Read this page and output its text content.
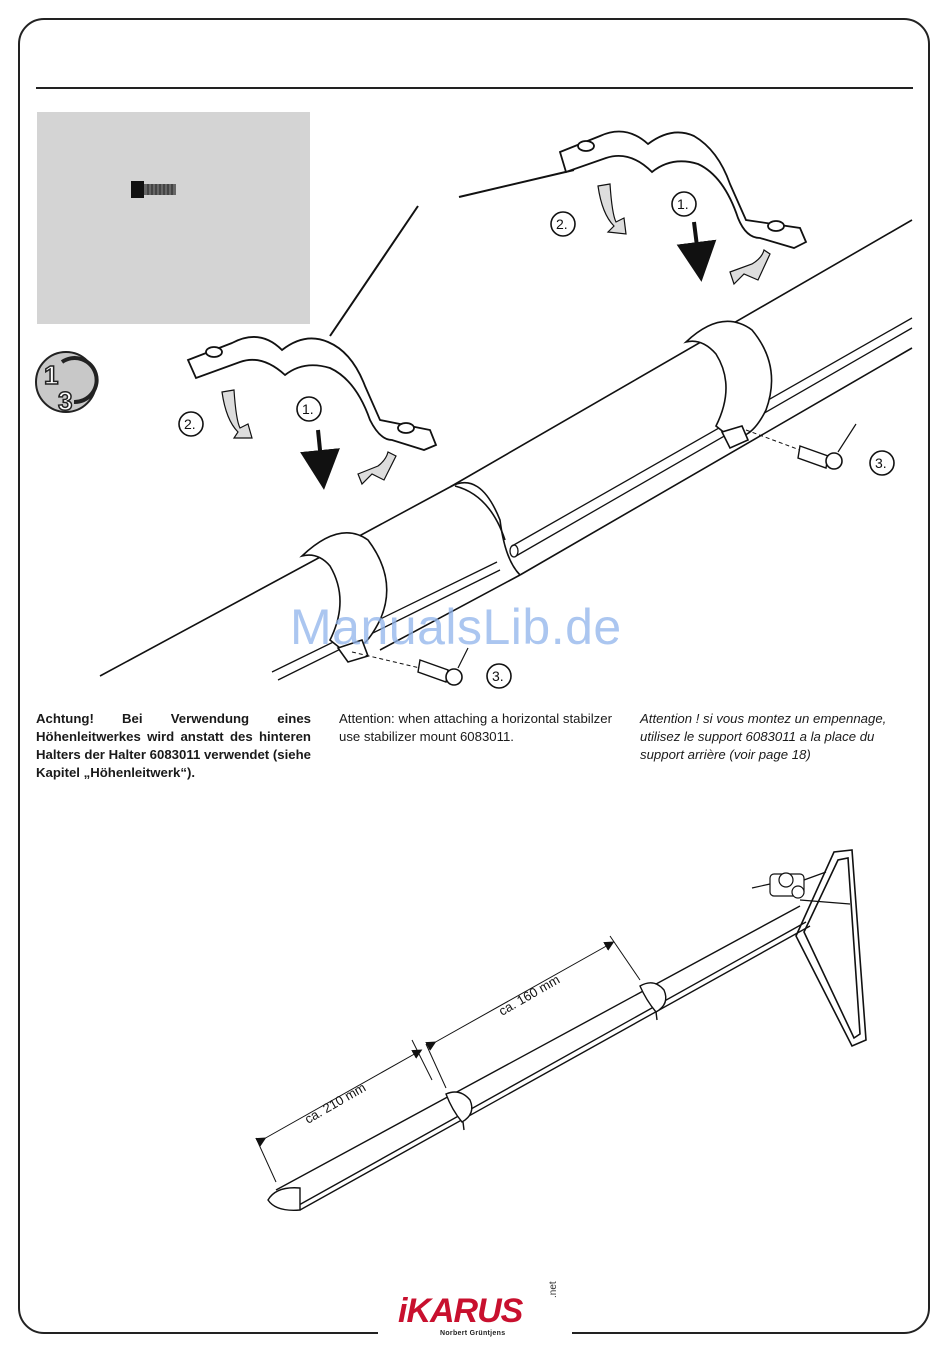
1
3
2.
1.
2.
1.
3.
3.
ca. 210 mm
ca. 160 mm
ManualsLib.de
Achtung! Bei Verwendung eines Höhenleitwerkes wird anstatt des hinteren Halters der Halter 6083011 verwendet (siehe Kapitel „Höhenleitwerk“).
Attention: when attaching a horizontal stabilzer use stabilizer mount 6083011.
Attention ! si vous montez un empennage, utilisez le support 6083011 a la place du support arrière (voir page 18)
iKARUS
.net
Norbert Grüntjens
